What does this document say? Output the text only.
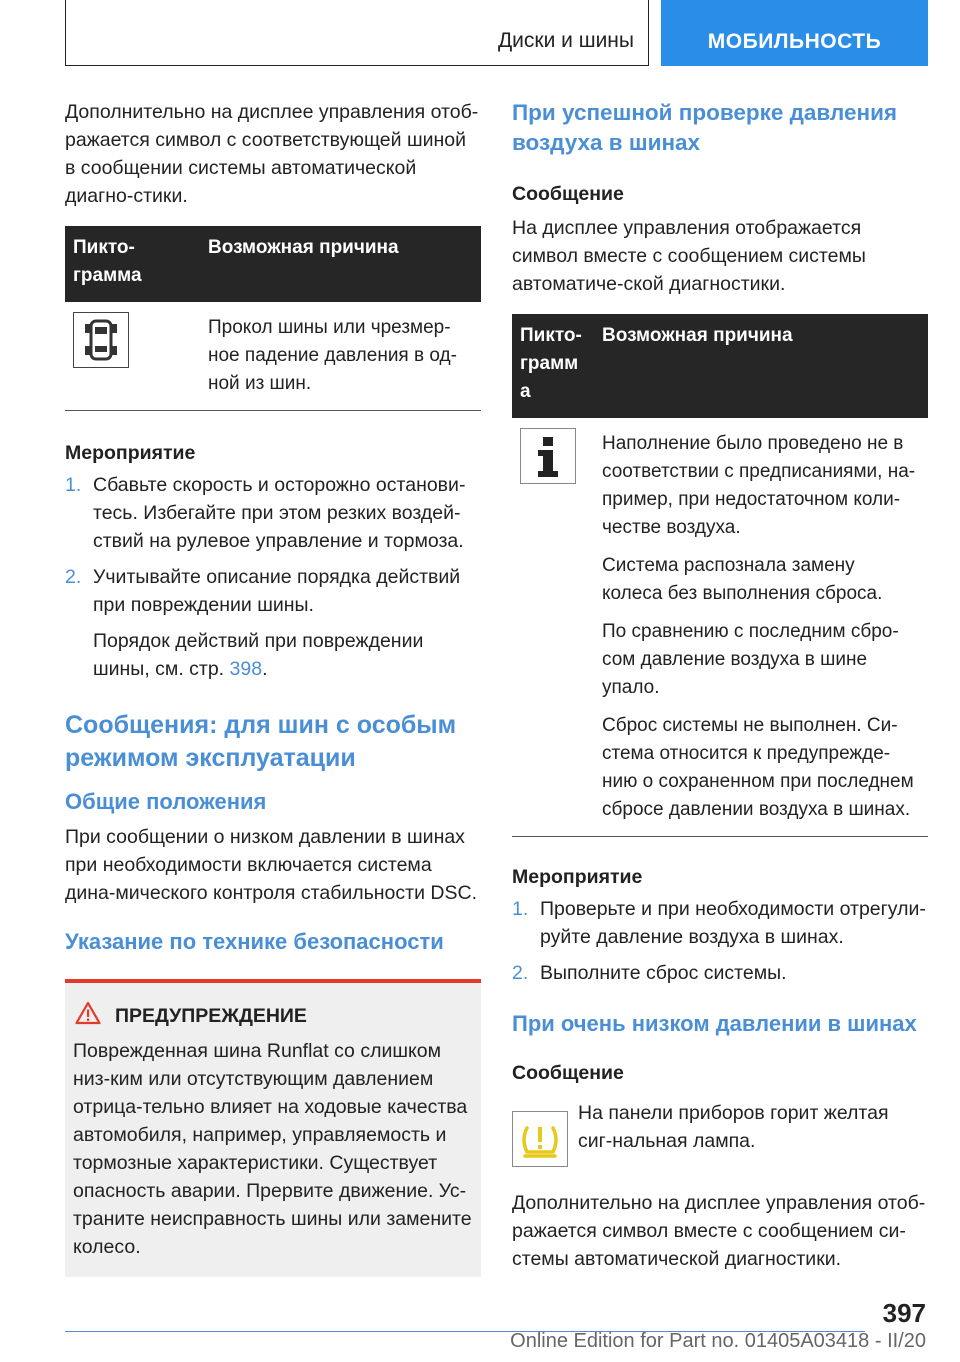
Диски и шины	МОБИЛЬНОСТЬ

Дополнительно на дисплее управления отоб-ражается символ с соответствующей шиной в сообщении системы автоматической диагно-стики.

Пикто-грамма	Возможная причина
	Прокол шины или чрезмер-ное падение давления в од-ной из шин.
Мероприятие
1. Сбавьте скорость и осторожно останови-тесь. Избегайте при этом резких воздей-ствий на рулевое управление и тормоза.
2. Учитывайте описание порядка действий при повреждении шины.

Порядок действий при повреждении шины, см. стр. 398.

Сообщения: для шин с особым режимом эксплуатации
Общие положения

При сообщении о низком давлении в шинах при необходимости включается система дина-мического контроля стабильности DSC.

Указание по технике безопасности
ПРЕДУПРЕЖДЕНИЕ

Поврежденная шина Runflat со слишком низ-ким или отсутствующим давлением отрица-тельно влияет на ходовые качества автомобиля, например, управляемость и тормозные характеристики. Существует опасность аварии. Прервите движение. Ус-траните неисправность шины или замените колесо.

При успешной проверке давления воздуха в шинах
Сообщение

На дисплее управления отображается символ вместе с сообщением системы автоматиче-ской диагностики.

Пикто-грамм а	Возможная причина

Наполнение было проведено не в соответствии с предписаниями, на-пример, при недостаточном коли-честве воздуха.

Система распознала замену колеса без выполнения сброса.

По сравнению с последним сбро-сом давление воздуха в шине упало.

Сброс системы не выполнен. Си-стема относится к предупрежде-нию о сохраненном при последнем сбросе давлении воздуха в шинах.

Мероприятие
1. Проверьте и при необходимости отрегули-руйте давление воздуха в шинах.
2. Выполните сброс системы.
При очень низком давлении в шинах
Сообщение

На панели приборов горит желтая сиг-нальная лампа.

Дополнительно на дисплее управления отоб-ражается символ вместе с сообщением си-стемы автоматической диагностики.

397
Online Edition for Part no. 01405A03418 - II/20
